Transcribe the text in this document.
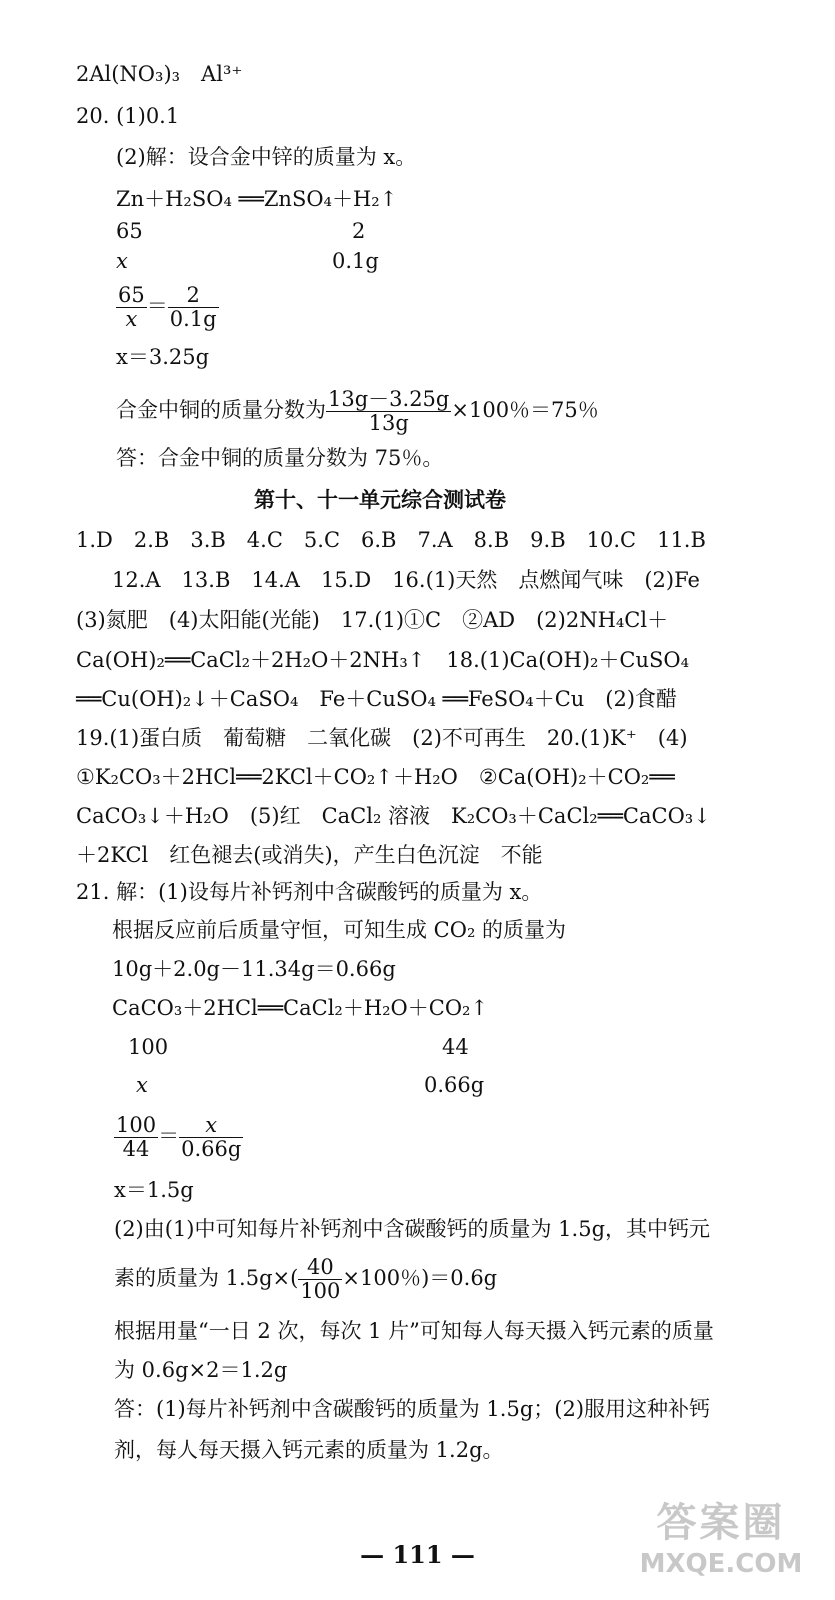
2Al(NO₃)₃　Al³⁺
20. (1)0.1
(2)解：设合金中锌的质量为 x。
Zn＋H₂SO₄ ══ZnSO₄＋H₂↑
65	2
x	0.1g
$\frac{65}{x} = \frac{2}{0.1g}$
x＝3.25g
合金中铜的质量分数为 $\frac{13g-3.25g}{13g} \times 100$％＝75％
答：合金中铜的质量分数为 75％。
第十、十一单元综合测试卷
1.D　2.B　3.B　4.C　5.C　6.B　7.A　8.B　9.B　10.C　11.B
12.A　13.B　14.A　15.D　16.(1)天然　点燃闻气味　(2)Fe
(3)氮肥　(4)太阳能(光能)　17.(1)①C　②AD　(2)2NH₄Cl＋
Ca(OH)₂══CaCl₂＋2H₂O＋2NH₃↑　18.(1)Ca(OH)₂＋CuSO₄
══Cu(OH)₂↓＋CaSO₄　Fe＋CuSO₄ ══FeSO₄＋Cu　(2)食醋
19.(1)蛋白质　葡萄糖　二氧化碳　(2)不可再生　20.(1)K⁺　(4)
①K₂CO₃＋2HCl══2KCl＋CO₂↑＋H₂O　②Ca(OH)₂＋CO₂══
CaCO₃↓＋H₂O　(5)红　CaCl₂ 溶液　K₂CO₃＋CaCl₂══CaCO₃↓
＋2KCl　红色褪去(或消失)，产生白色沉淀　不能
21. 解：(1)设每片补钙剂中含碳酸钙的质量为 x。
根据反应前后质量守恒，可知生成 CO₂ 的质量为
10g＋2.0g－11.34g＝0.66g
CaCO₃＋2HCl══CaCl₂＋H₂O＋CO₂↑
100	44
x	0.66g
$\frac{100}{44} = \frac{x}{0.66g}$
x＝1.5g
(2)由(1)中可知每片补钙剂中含碳酸钙的质量为 1.5g，其中钙元
素的质量为 $1.5g\times( \frac{40}{100} \times 100$％)＝0.6g
根据用量“一日 2 次，每次 1 片”可知每人每天摄入钙元素的质量
为 0.6g×2＝1.2g
答：(1)每片补钙剂中含碳酸钙的质量为 1.5g；(2)服用这种补钙
剂，每人每天摄入钙元素的质量为 1.2g。
— 111 —
答案圈
MXQE.COM
